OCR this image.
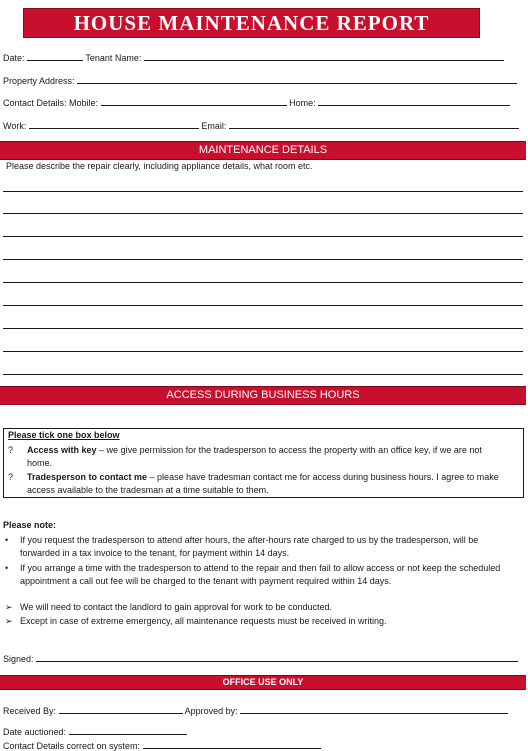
HOUSE MAINTENANCE REPORT
Date:	Tenant Name:
Property Address:
Contact Details: Mobile:	Home:
Work:	Email:
MAINTENANCE DETAILS
Please describe the repair clearly, including appliance details, what room etc.
ACCESS DURING BUSINESS HOURS
Please tick one box below
? Access with key – we give permission for the tradesperson to access the property with an office key, if we are not home.
? Tradesperson to contact me – please have tradesman contact me for access during business hours. I agree to make access available to the tradesman at a time suitable to them.
Please note:
• If you request the tradesperson to attend after hours, the after-hours rate charged to us by the tradesperson, will be forwarded in a tax invoice to the tenant, for payment within 14 days.
• If you arrange a time with the tradesperson to attend to the repair and then fail to allow access or not keep the scheduled appointment a call out fee will be charged to the tenant with payment required within 14 days.
➢ We will need to contact the landlord to gain approval for work to be conducted.
➢ Except in case of extreme emergency, all maintenance requests must be received in writing.
Signed:
OFFICE USE ONLY
Received By:	Approved by:
Date auctioned:
Contact Details correct on system:
